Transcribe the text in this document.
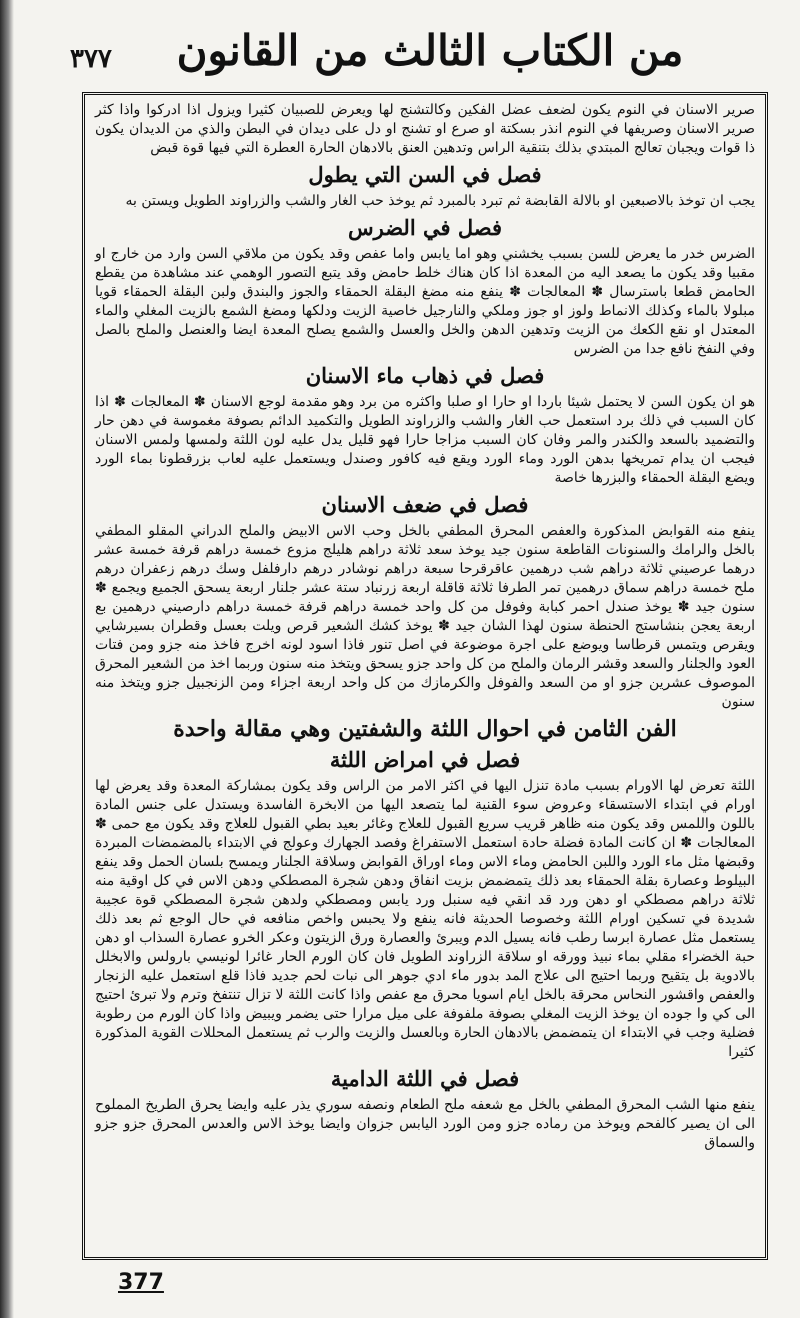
٣٧٧	من الكتاب الثالث من القانون

صرير الاسنان في النوم يكون لضعف عضل الفكين وكالتشنج لها ويعرض للصبيان كثيرا ويزول اذا ادركوا واذا كثر صرير الاسنان وصريفها في النوم انذر بسكتة او صرع او تشنج او دل على ديدان في البطن والذي من الديدان يكون ذا قوات ويجبان تعالج المبتدي بذلك بتنقية الراس وتدهين العنق بالادهان الحارة العطرة التي فيها قوة قبض

فصل في السن التي يطول

يجب ان توخذ بالاصبعين او بالالة القابضة ثم تبرد بالمبرد ثم يوخذ حب الغار والشب والزراوند الطويل ويستن به

فصل في الضرس

الضرس خدر ما يعرض للسن بسبب يخشني وهو اما يابس واما عفص وقد يكون من ملاقي السن وارد من خارج او مقبيا وقد يكون ما يصعد اليه من المعدة اذا كان هناك خلط حامض وقد يتبع التصور الوهمي عند مشاهدة من يقطع الحامض قطعا باسترسال ✽ المعالجات ✽ ينفع منه مضغ البقلة الحمقاء والجوز والبندق ولبن البقلة الحمقاء قويا مبلولا بالماء وكذلك الانماط ولوز او جوز وملكي والنارجيل خاصية الزيت ودلكها ومضغ الشمع بالزيت المغلي والماء المعتدل او نقع الكعك من الزيت وتدهين الدهن والخل والعسل والشمع يصلح المعدة ايضا والعنصل والملح بالصل وفي النفخ نافع جدا من الضرس

فصل في ذهاب ماء الاسنان

هو ان يكون السن لا يحتمل شيئا باردا او حارا او صلبا واكثره من برد وهو مقدمة لوجع الاسنان ✽ المعالجات ✽ اذا كان السبب في ذلك برد استعمل حب الغار والشب والزراوند الطويل والتكميد الدائم بصوفة مغموسة في دهن حار والتضميد بالسعد والكندر والمر وفان كان السبب مزاجا حارا فهو قليل يدل عليه لون اللثة ولمسها ولمس الاسنان فيجب ان يدام تمريخها بدهن الورد وماء الورد ويقع فيه كافور وصندل ويستعمل عليه لعاب بزرقطونا بماء الورد ويضع البقلة الحمقاء والبزرها خاصة

فصل في ضعف الاسنان

ينفع منه القوابض المذكورة والعفص المحرق المطفي بالخل وحب الاس الابيض والملح الدراني المقلو المطفي بالخل والرامك والسنونات القاطعة سنون جيد يوخذ سعد ثلاثة دراهم هليلج مزوع خمسة دراهم قرفة خمسة عشر درهما عرصيني ثلاثة دراهم شب درهمين عاقرقرحا سبعة دراهم نوشادر درهم دارفلفل وسك درهم زعفران درهم ملح خمسة دراهم سماق درهمين تمر الطرفا ثلاثة قاقلة اربعة زرنباد ستة عشر جلنار اربعة يسحق الجميع ويجمع ✽ سنون جيد ✽ يوخذ صندل احمر كبابة وفوفل من كل واحد خمسة دراهم قرفة خمسة دراهم دارصيني درهمين بع اربعة يعجن بنشاستج الحنطة سنون لهذا الشان جيد ✽ يوخذ كشك الشعير قرص ويلت بعسل وقطران بسيرشايي ويقرص ويتمس قرطاسا ويوضع على اجرة موضوعة في اصل تنور فاذا اسود لونه اخرج فاخذ منه جزو ومن فتات العود والجلنار والسعد وقشر الرمان والملح من كل واحد جزو يسحق ويتخذ منه سنون وربما اخذ من الشعير المحرق الموصوف عشرين جزو او من السعد والفوفل والكرمازك من كل واحد اربعة اجزاء ومن الزنجبيل جزو ويتخذ منه سنون

الفن الثامن في احوال اللثة والشفتين وهي مقالة واحدة
فصل في امراض اللثة

اللثة تعرض لها الاورام بسبب مادة تنزل اليها في اكثر الامر من الراس وقد يكون بمشاركة المعدة وقد يعرض لها اورام في ابتداء الاستسقاء وعروض سوء القنية لما يتصعد اليها من الابخرة الفاسدة ويستدل على جنس المادة باللون واللمس وقد يكون منه ظاهر قريب سريع القبول للعلاج وغائر بعيد بطي القبول للعلاج وقد يكون مع حمى ✽ المعالجات ✽ ان كانت المادة فضلة حادة استعمل الاستفراغ وفصد الجهارك وعولج في الابتداء بالمضمضات المبردة وقبضها مثل ماء الورد واللبن الحامض وماء الاس وماء اوراق القوابض وسلاقة الجلنار ويمسح بلسان الحمل وقد ينفع البيلوط وعصارة بقلة الحمقاء بعد ذلك يتمضمض بزيت انفاق ودهن شجرة المصطكي ودهن الاس في كل اوقية منه ثلاثة دراهم مصطكي او دهن ورد قد انقي فيه سنبل ورد يابس ومصطكي ولدهن شجرة المصطكي قوة عجيبة شديدة في تسكين اورام اللثة وخصوصا الحديثة فانه ينفع ولا يحبس واخص منافعه في حال الوجع ثم بعد ذلك يستعمل مثل عصارة ابرسا رطب فانه يسيل الدم ويبرئ والعصارة ورق الزيتون وعكر الخرو عصارة السذاب او دهن حبة الخضراء مقلي بماء نبيذ وورقه او سلاقة الزراوند الطويل فان كان الورم الحار غائرا لونيسي بارولس والابخلل بالادوية بل يتقيح وربما احتيج الى علاج المد بدور ماء ادي جوهر الى نبات لحم جديد فاذا قلع استعمل عليه الزنجار والعفص واقشور النحاس محرقة بالخل ايام اسويا محرق مع عفص واذا كانت اللثة لا تزال تنتفخ وترم ولا تبرئ احتيج الى كي وا جوده ان يوخذ الزيت المغلي بصوفة ملفوفة على ميل مرارا حتى يضمر ويبيض واذا كان الورم من رطوبة فضلية وجب في الابتداء ان يتمضمض بالادهان الحارة وبالعسل والزيت والرب ثم يستعمل المحللات القوية المذكورة كثيرا

فصل في اللثة الدامية

ينفع منها الشب المحرق المطفي بالخل مع شعفه ملح الطعام ونصفه سوري يذر عليه وايضا يحرق الطريخ المملوح الى ان يصير كالفحم ويوخذ من رماده جزو ومن الورد اليابس جزوان وايضا يوخذ الاس والعدس المحرق جزو جزو والسماق

377
